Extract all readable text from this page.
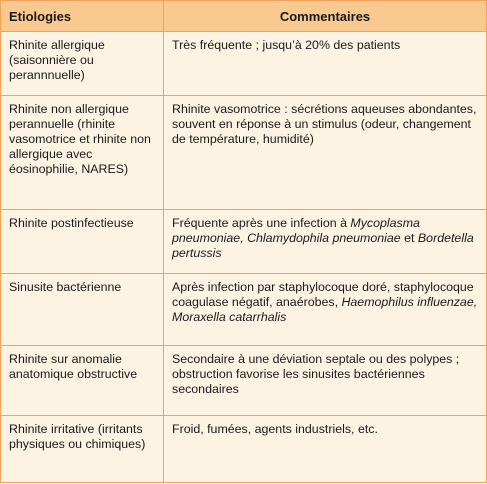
Etiologies	Commentaires
Rhinite allergique (saisonnière ou perannnuelle)	Très fréquente ; jusqu’à 20% des patients
Rhinite non allergique perannuelle (rhinite vasomotrice et rhinite non allergique avec éosinophilie, NARES)	Rhinite vasomotrice : sécrétions aqueuses abondantes, souvent en réponse à un stimulus (odeur, changement de température, humidité)
Rhinite postinfectieuse	Fréquente après une infection à Mycoplasma pneumoniae, Chlamydophila pneumoniae et Bordetella pertussis
Sinusite bactérienne	Après infection par staphylocoque doré, staphylocoque coagulase négatif, anaérobes, Haemophilus influenzae, Moraxella catarrhalis
Rhinite sur anomalie anatomique obstructive	Secondaire à une déviation septale ou des polypes ; obstruction favorise les sinusites bactériennes secondaires
Rhinite irritative (irritants physiques ou chimiques)	Froid, fumées, agents industriels, etc.
